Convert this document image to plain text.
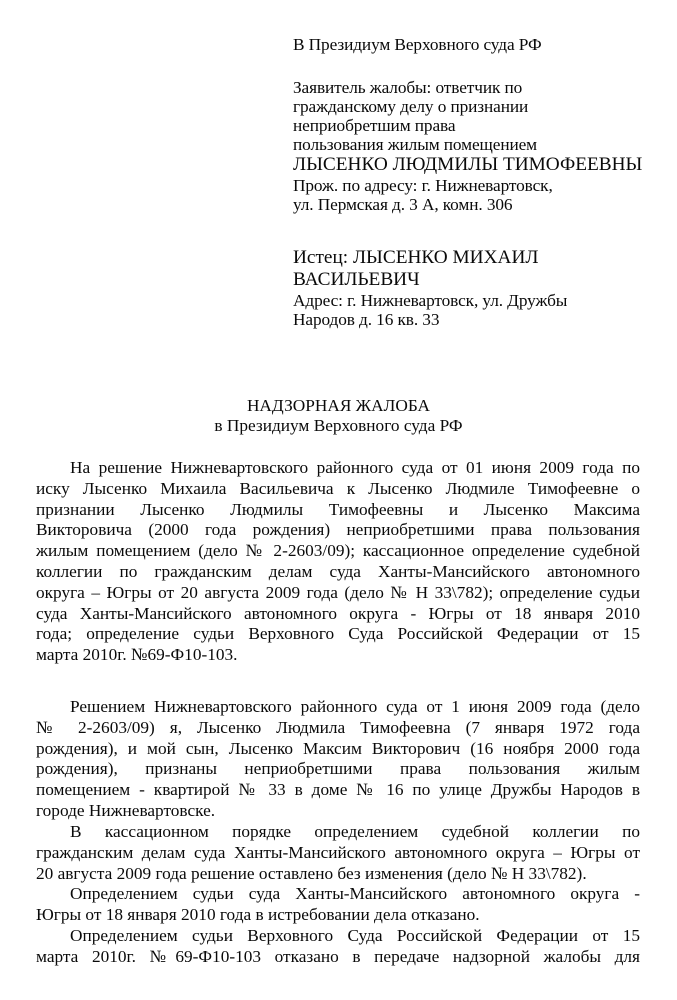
В Президиум Верховного суда РФ
Заявитель жалобы: ответчик по
гражданскому делу о признании
неприобретшим права
пользования жилым помещением
ЛЫСЕНКО ЛЮДМИЛЫ ТИМОФЕЕВНЫ
Прож. по адресу: г. Нижневартовск,
ул. Пермская д. 3 А, комн. 306
Истец: ЛЫСЕНКО МИХАИЛ
ВАСИЛЬЕВИЧ
Адрес: г. Нижневартовск, ул. Дружбы
Народов д. 16 кв. 33
НАДЗОРНАЯ ЖАЛОБА
в Президиум Верховного суда РФ
На решение Нижневартовского районного суда от 01 июня 2009 года по
иску Лысенко Михаила Васильевича к Лысенко Людмиле Тимофеевне о
признании Лысенко Людмилы Тимофеевны и Лысенко Максима
Викторовича (2000 года рождения) неприобретшими права пользования
жилым помещением (дело № 2-2603/09); кассационное определение судебной
коллегии по гражданским делам суда Ханты-Мансийского автономного
округа – Югры от 20 августа 2009 года (дело № Н 33\782); определение судьи
суда Ханты-Мансийского автономного округа - Югры от 18 января 2010
года; определение судьи Верховного Суда Российской Федерации от 15
марта 2010г. №69-Ф10-103.
Решением Нижневартовского районного суда от 1 июня 2009 года (дело
№ 2-2603/09) я, Лысенко Людмила Тимофеевна (7 января 1972 года
рождения), и мой сын, Лысенко Максим Викторович (16 ноября 2000 года
рождения), признаны неприобретшими права пользования жилым
помещением - квартирой № 33 в доме № 16 по улице Дружбы Народов в
городе Нижневартовске.
В кассационном порядке определением судебной коллегии по
гражданским делам суда Ханты-Мансийского автономного округа – Югры от
20 августа 2009 года решение оставлено без изменения (дело № Н 33\782).
Определением судьи суда Ханты-Мансийского автономного округа -
Югры от 18 января 2010 года в истребовании дела отказано.
Определением судьи Верховного Суда Российской Федерации от 15
марта 2010г. №69-Ф10-103 отказано в передаче надзорной жалобы для
